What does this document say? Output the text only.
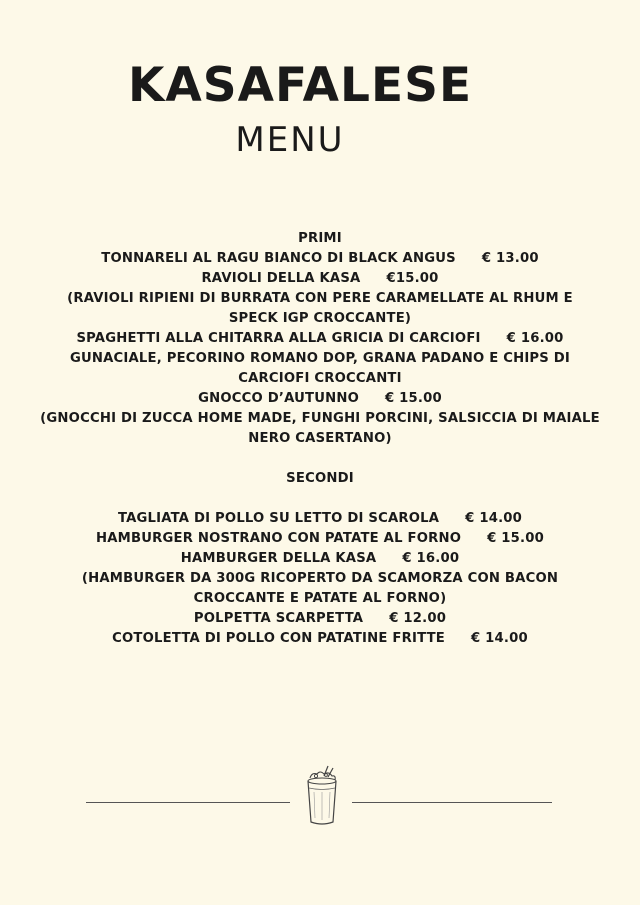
KASAFALESE
MENU
PRIMI
TONNARELI AL RAGU BIANCO DI BLACK ANGUS € 13.00
RAVIOLI DELLA KASA €15.00
(RAVIOLI RIPIENI DI BURRATA CON PERE CARAMELLATE AL RHUM E
SPECK IGP CROCCANTE)
SPAGHETTI ALLA CHITARRA ALLA GRICIA DI CARCIOFI € 16.00
GUNACIALE, PECORINO ROMANO DOP, GRANA PADANO E CHIPS DI
CARCIOFI CROCCANTI
GNOCCO D’AUTUNNO € 15.00
(GNOCCHI DI ZUCCA HOME MADE, FUNGHI PORCINI, SALSICCIA DI MAIALE
NERO CASERTANO)
SECONDI
TAGLIATA DI POLLO SU LETTO DI SCAROLA € 14.00
HAMBURGER NOSTRANO CON PATATE AL FORNO € 15.00
HAMBURGER DELLA KASA € 16.00
(HAMBURGER DA 300G RICOPERTO DA SCAMORZA CON BACON
CROCCANTE E PATATE AL FORNO)
POLPETTA SCARPETTA € 12.00
COTOLETTA DI POLLO CON PATATINE FRITTE € 14.00
